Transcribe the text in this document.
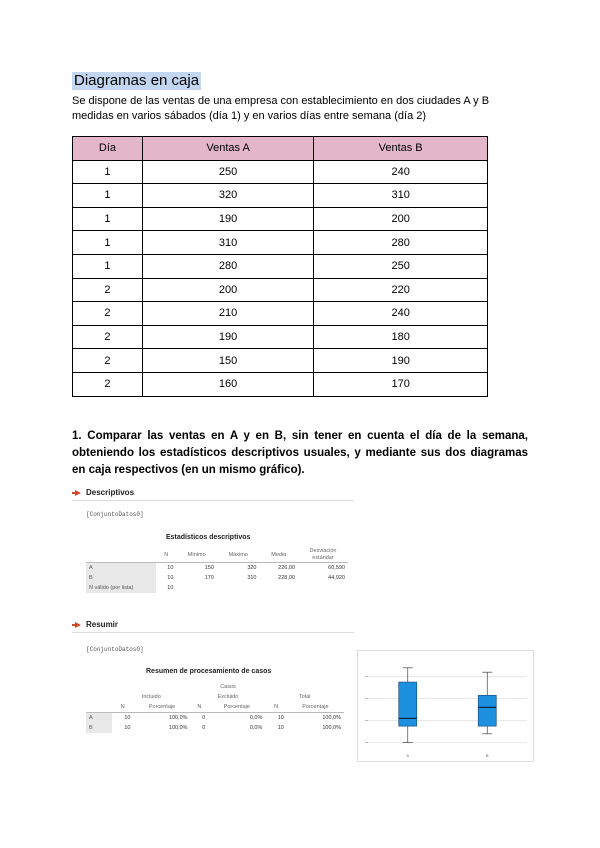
Diagramas en caja
Se dispone de las ventas de una empresa con establecimiento en dos ciudades A y B medidas en varios sábados (día 1) y en varios días entre semana (día 2)
Día	Ventas A	Ventas B
1	250	240
1	320	310
1	190	200
1	310	280
1	280	250
2	200	220
2	210	240
2	190	180
2	150	190
2	160	170
1. Comparar las ventas en A y en B, sin tener en cuenta el día de la semana, obteniendo los estadísticos descriptivos usuales, y mediante sus dos diagramas en caja respectivos (en un mismo gráfico).
Descriptivos
[ConjuntoDatos0]
Estadísticos descriptivos
	N	Mínimo	Máximo	Media	Desviación estándar
A	10	150	320	226,00	60,590
B	10	170	310	228,00	44,920
N válido (por lista)	10				
Resumir
[ConjuntoDatos0]
Resumen de procesamiento de casos
	Casos					
	Incluido		Excluido		Total	
	N	Porcentaje	N	Porcentaje	N	Porcentaje
A	10	100,0%	0	0,0%	10	100,0%
B	10	100,0%	0	0,0%	10	100,0%
A	B
